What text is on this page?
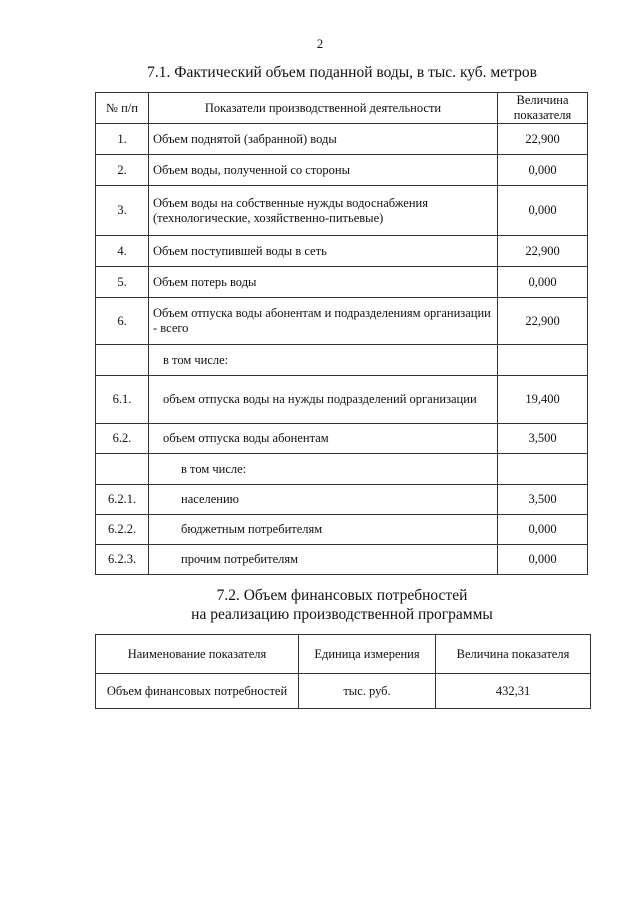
2
7.1. Фактический объем поданной воды, в тыс. куб. метров
№ п/п	Показатели производственной деятельности	Величина показателя
1.	Объем поднятой (забранной) воды	22,900
2.	Объем воды, полученной со стороны	0,000
3.	Объем воды на собственные нужды водоснабжения (технологические, хозяйственно-питьевые)	0,000
4.	Объем поступившей воды в сеть	22,900
5.	Объем потерь воды	0,000
6.	Объем отпуска воды абонентам и подразделениям организации - всего	22,900
	в том числе:	
6.1.	объем отпуска воды на нужды подразделений организации	19,400
6.2.	объем отпуска воды абонентам	3,500
	в том числе:	
6.2.1.	населению	3,500
6.2.2.	бюджетным потребителям	0,000
6.2.3.	прочим потребителям	0,000
7.2. Объем финансовых потребностей
на реализацию производственной программы
Наименование показателя	Единица измерения	Величина показателя
Объем финансовых потребностей	тыс. руб.	432,31
